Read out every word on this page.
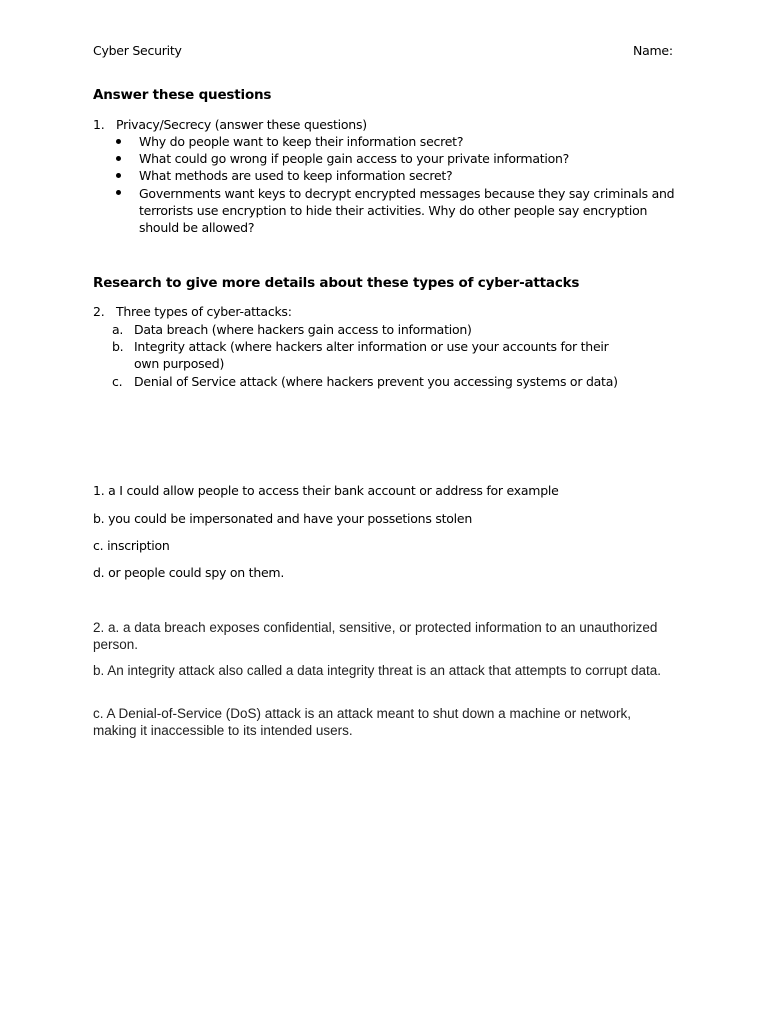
Cyber Security	Name:
Answer these questions
1. Privacy/Secrecy (answer these questions)
Why do people want to keep their information secret?
What could go wrong if people gain access to your private information?
What methods are used to keep information secret?
Governments want keys to decrypt encrypted messages because they say criminals and terrorists use encryption to hide their activities. Why do other people say encryption should be allowed?
Research to give more details about these types of cyber-attacks
2. Three types of cyber-attacks:
a. Data breach (where hackers gain access to information)
b. Integrity attack (where hackers alter information or use your accounts for their own purposed)
c. Denial of Service attack (where hackers prevent you accessing systems or data)
1. a I could allow people to access their bank account or address for example
b. you could be impersonated and have your possetions stolen
c. inscription
d. or people could spy on them.
2. a. a data breach exposes confidential, sensitive, or protected information to an unauthorized person.
b. An integrity attack also called a data integrity threat is an attack that attempts to corrupt data.
c. A Denial-of-Service (DoS) attack is an attack meant to shut down a machine or network, making it inaccessible to its intended users.
